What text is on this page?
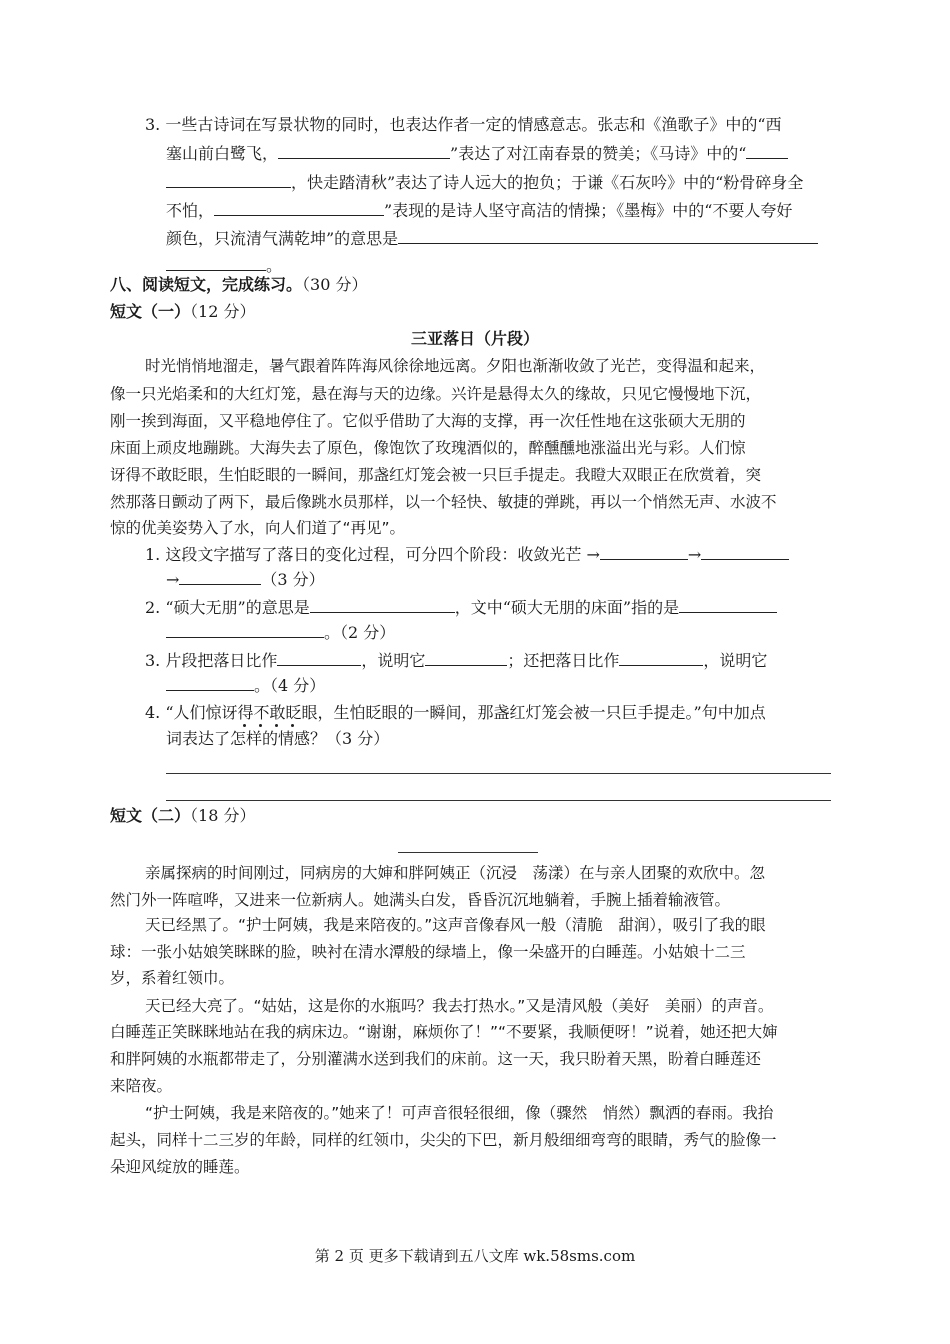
3. 一些古诗词在写景状物的同时，也表达作者一定的情感意志。张志和《渔歌子》中的“西
塞山前白鹭飞，	”表达了对江南春景的赞美；《马诗》中的“
，快走踏清秋”表达了诗人远大的抱负；于谦《石灰吟》中的“粉骨碎身全
不怕，	”表现的是诗人坚守高洁的情操；《墨梅》中的“不要人夸好
颜色，只流清气满乾坤”的意思是
。
八、阅读短文，完成练习。（30 分）
短文（一）（12 分）
三亚落日（片段）
时光悄悄地溜走，暑气跟着阵阵海风徐徐地远离。夕阳也渐渐收敛了光芒，变得温和起来，
像一只光焰柔和的大红灯笼，悬在海与天的边缘。兴许是悬得太久的缘故，只见它慢慢地下沉，
刚一挨到海面，又平稳地停住了。它似乎借助了大海的支撑，再一次任性地在这张硕大无朋的
床面上顽皮地蹦跳。大海失去了原色，像饱饮了玫瑰酒似的，醉醺醺地涨溢出光与彩。人们惊
讶得不敢眨眼，生怕眨眼的一瞬间，那盏红灯笼会被一只巨手提走。我瞪大双眼正在欣赏着，突
然那落日颤动了两下，最后像跳水员那样，以一个轻快、敏捷的弹跳，再以一个悄然无声、水波不
惊的优美姿势入了水，向人们道了“再见”。
1. 这段文字描写了落日的变化过程，可分四个阶段：收敛光芒 →	→
→	（3 分）
2. “硕大无朋”的意思是	，文中“硕大无朋的床面”指的是
。（2 分）
3. 片段把落日比作	，说明它	；还把落日比作	，说明它
。（4 分）
4. “人们惊讶得不敢眨眼，生怕眨眼的一瞬间，那盏红灯笼会被一只巨手提走。”句中加点
词表达了怎样的情感？（3 分）
短文（二）（18 分）
亲属探病的时间刚过，同病房的大婶和胖阿姨正（沉浸　荡漾）在与亲人团聚的欢欣中。忽
然门外一阵喧哗，又进来一位新病人。她满头白发，昏昏沉沉地躺着，手腕上插着输液管。
天已经黑了。“护士阿姨，我是来陪夜的。”这声音像春风一般（清脆　甜润），吸引了我的眼
球：一张小姑娘笑眯眯的脸，映衬在清水潭般的绿墙上，像一朵盛开的白睡莲。小姑娘十二三
岁，系着红领巾。
天已经大亮了。“姑姑，这是你的水瓶吗？我去打热水。”又是清风般（美好　美丽）的声音。
白睡莲正笑眯眯地站在我的病床边。“谢谢，麻烦你了！”“不要紧，我顺便呀！”说着，她还把大婶
和胖阿姨的水瓶都带走了，分别灌满水送到我们的床前。这一天，我只盼着天黑，盼着白睡莲还
来陪夜。
“护士阿姨，我是来陪夜的。”她来了！可声音很轻很细，像（骤然　悄然）飘洒的春雨。我抬
起头，同样十二三岁的年龄，同样的红领巾，尖尖的下巴，新月般细细弯弯的眼睛，秀气的脸像一
朵迎风绽放的睡莲。
第 2 页 更多下载请到五八文库 wk.58sms.com
